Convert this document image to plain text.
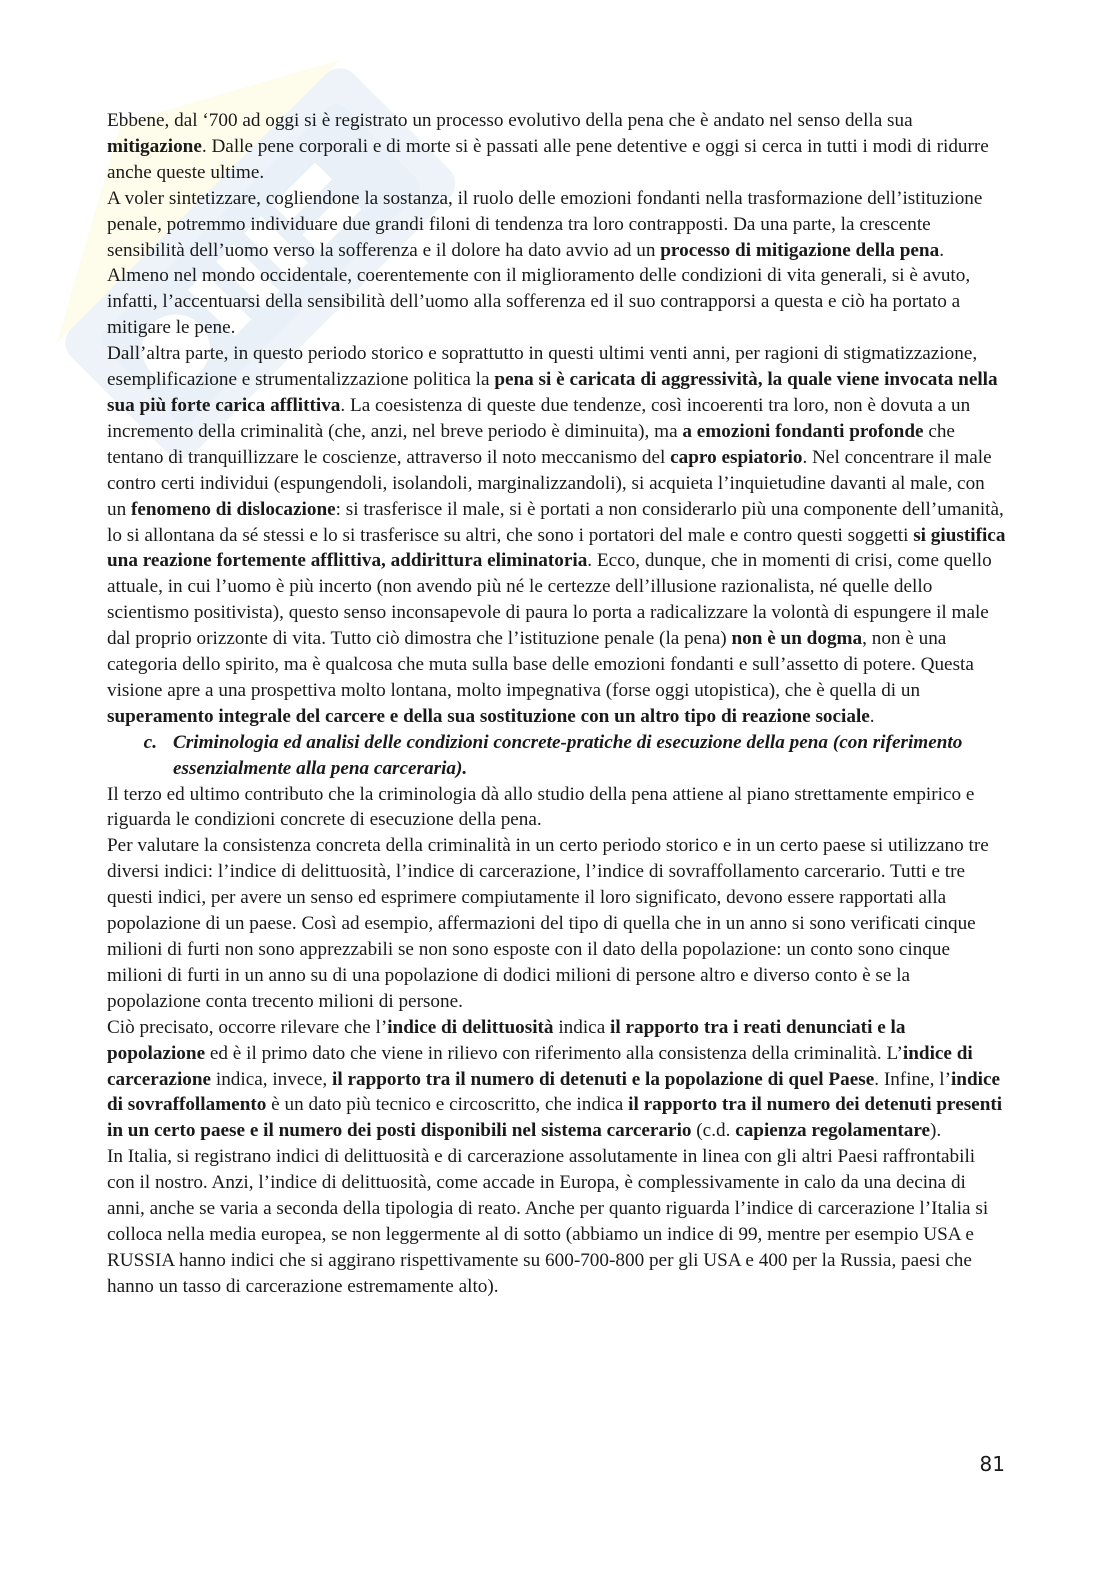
Ebbene, dal ‘700 ad oggi si è registrato un processo evolutivo della pena che è andato nel senso della sua mitigazione. Dalle pene corporali e di morte si è passati alle pene detentive e oggi si cerca in tutti i modi di ridurre anche queste ultime.

A voler sintetizzare, cogliendone la sostanza, il ruolo delle emozioni fondanti nella trasformazione dell’istituzione penale, potremmo individuare due grandi filoni di tendenza tra loro contrapposti. Da una parte, la crescente sensibilità dell’uomo verso la sofferenza e il dolore ha dato avvio ad un processo di mitigazione della pena. Almeno nel mondo occidentale, coerentemente con il miglioramento delle condizioni di vita generali, si è avuto, infatti, l’accentuarsi della sensibilità dell’uomo alla sofferenza ed il suo contrapporsi a questa e ciò ha portato a mitigare le pene.

Dall’altra parte, in questo periodo storico e soprattutto in questi ultimi venti anni, per ragioni di stigmatizzazione, esemplificazione e strumentalizzazione politica la pena si è caricata di aggressività, la quale viene invocata nella sua più forte carica afflittiva. La coesistenza di queste due tendenze, così incoerenti tra loro, non è dovuta a un incremento della criminalità (che, anzi, nel breve periodo è diminuita), ma a emozioni fondanti profonde che tentano di tranquillizzare le coscienze, attraverso il noto meccanismo del capro espiatorio. Nel concentrare il male contro certi individui (espungendoli, isolandoli, marginalizzandoli), si acquieta l’inquietudine davanti al male, con un fenomeno di dislocazione: si trasferisce il male, si è portati a non considerarlo più una componente dell’umanità, lo si allontana da sé stessi e lo si trasferisce su altri, che sono i portatori del male e contro questi soggetti si giustifica una reazione fortemente afflittiva, addirittura eliminatoria. Ecco, dunque, che in momenti di crisi, come quello attuale, in cui l’uomo è più incerto (non avendo più né le certezze dell’illusione razionalista, né quelle dello scientismo positivista), questo senso inconsapevole di paura lo porta a radicalizzare la volontà di espungere il male dal proprio orizzonte di vita. Tutto ciò dimostra che l’istituzione penale (la pena) non è un dogma, non è una categoria dello spirito, ma è qualcosa che muta sulla base delle emozioni fondanti e sull’assetto di potere. Questa visione apre a una prospettiva molto lontana, molto impegnativa (forse oggi utopistica), che è quella di un superamento integrale del carcere e della sua sostituzione con un altro tipo di reazione sociale.

c. Criminologia ed analisi delle condizioni concrete-pratiche di esecuzione della pena (con riferimento essenzialmente alla pena carceraria).

Il terzo ed ultimo contributo che la criminologia dà allo studio della pena attiene al piano strettamente empirico e riguarda le condizioni concrete di esecuzione della pena.

Per valutare la consistenza concreta della criminalità in un certo periodo storico e in un certo paese si utilizzano tre diversi indici: l’indice di delittuosità, l’indice di carcerazione, l’indice di sovraffollamento carcerario. Tutti e tre questi indici, per avere un senso ed esprimere compiutamente il loro significato, devono essere rapportati alla popolazione di un paese. Così ad esempio, affermazioni del tipo di quella che in un anno si sono verificati cinque milioni di furti non sono apprezzabili se non sono esposte con il dato della popolazione: un conto sono cinque milioni di furti in un anno su di una popolazione di dodici milioni di persone altro e diverso conto è se la popolazione conta trecento milioni di persone.

Ciò precisato, occorre rilevare che l’indice di delittuosità indica il rapporto tra i reati denunciati e la popolazione ed è il primo dato che viene in rilievo con riferimento alla consistenza della criminalità. L’indice di carcerazione indica, invece, il rapporto tra il numero di detenuti e la popolazione di quel Paese. Infine, l’indice di sovraffollamento è un dato più tecnico e circoscritto, che indica il rapporto tra il numero dei detenuti presenti in un certo paese e il numero dei posti disponibili nel sistema carcerario (c.d. capienza regolamentare).

In Italia, si registrano indici di delittuosità e di carcerazione assolutamente in linea con gli altri Paesi raffrontabili con il nostro. Anzi, l’indice di delittuosità, come accade in Europa, è complessivamente in calo da una decina di anni, anche se varia a seconda della tipologia di reato. Anche per quanto riguarda l’indice di carcerazione l’Italia si colloca nella media europea, se non leggermente al di sotto (abbiamo un indice di 99, mentre per esempio USA e RUSSIA hanno indici che si aggirano rispettivamente su 600-700-800 per gli USA e 400 per la Russia, paesi che hanno un tasso di carcerazione estremamente alto).

81
